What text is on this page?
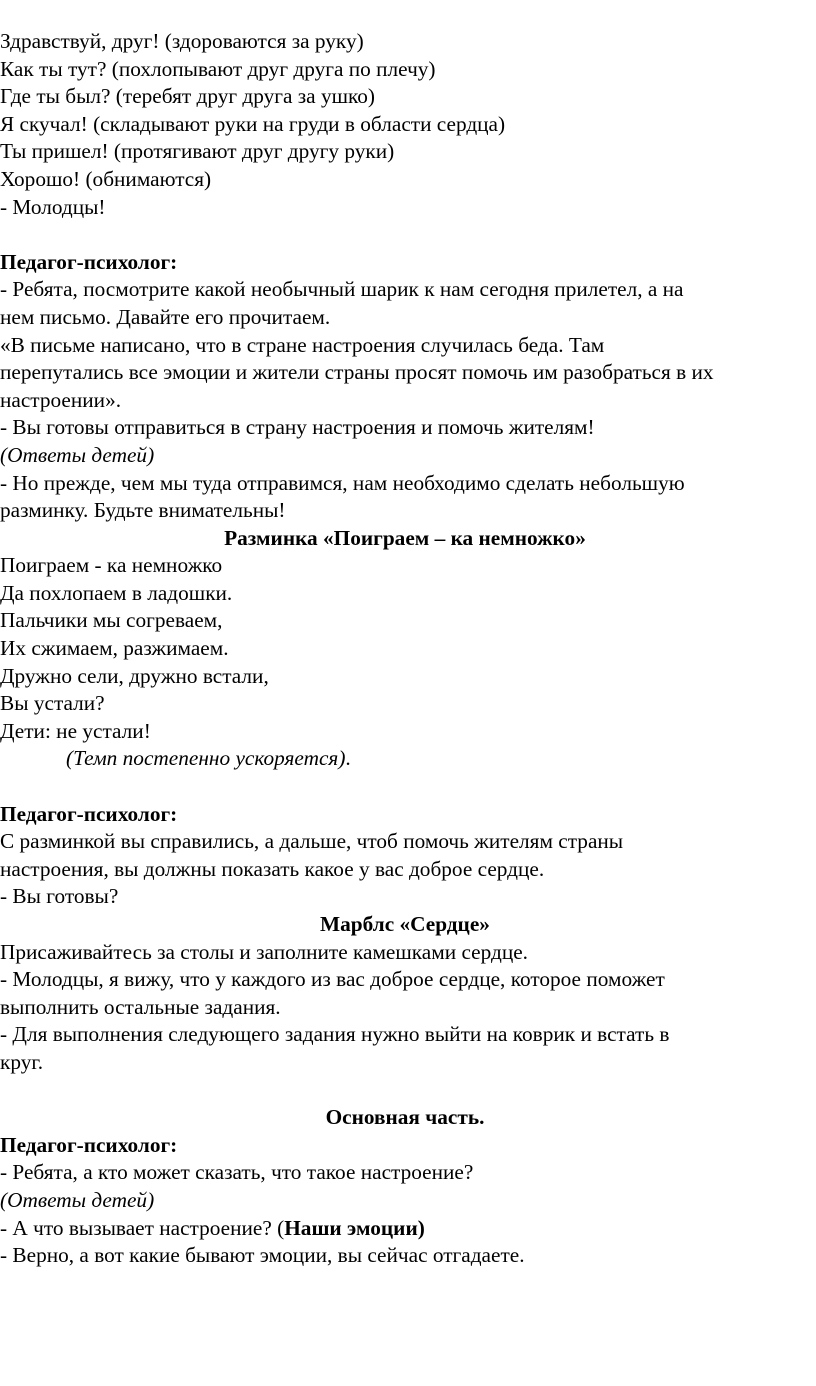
Здравствуй, друг! (здороваются за руку)
Как ты тут? (похлопывают друг друга по плечу)
Где ты был? (теребят друг друга за ушко)
Я скучал! (складывают руки на груди в области сердца)
Ты пришел! (протягивают друг другу руки)
Хорошо! (обнимаются)
- Молодцы!
Педагог-психолог:
- Ребята, посмотрите какой необычный шарик к нам сегодня прилетел, а на
нем письмо. Давайте его прочитаем.
«В письме написано, что в стране настроения случилась беда. Там
перепутались все эмоции и жители страны просят помочь им разобраться в их
настроении».
- Вы готовы отправиться в страну настроения и помочь жителям!
(Ответы детей)
- Но прежде, чем мы туда отправимся, нам необходимо сделать небольшую
разминку. Будьте внимательны!
Разминка «Поиграем – ка немножко»
Поиграем - ка немножко
Да похлопаем в ладошки.
Пальчики мы согреваем,
Их сжимаем, разжимаем.
Дружно сели, дружно встали,
Вы устали?
Дети: не устали!
(Темп постепенно ускоряется).
Педагог-психолог:
С разминкой вы справились, а дальше, чтоб помочь жителям страны
настроения, вы должны показать какое у вас доброе сердце.
- Вы готовы?
Марблс «Сердце»
Присаживайтесь за столы и заполните камешками сердце.
- Молодцы, я вижу, что у каждого из вас доброе сердце, которое поможет
выполнить остальные задания.
- Для выполнения следующего задания нужно выйти на коврик и встать в
круг.
Основная часть.
Педагог-психолог:
- Ребята, а кто может сказать, что такое настроение?
(Ответы детей)
- А что вызывает настроение? (Наши эмоции)
- Верно, а вот какие бывают эмоции, вы сейчас отгадаете.
